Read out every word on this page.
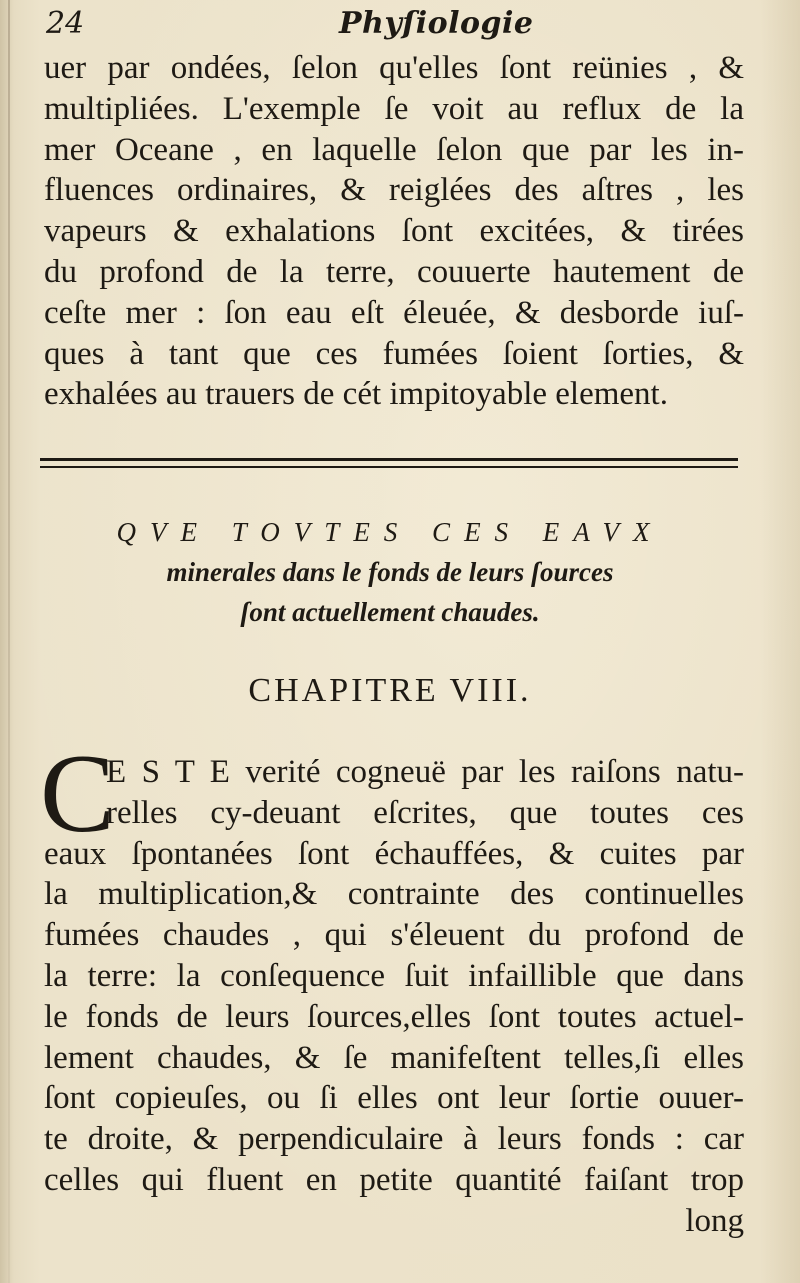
24	Phyſiologie
uer par ondées, ſelon qu'elles ſont reünies , &
multipliées. L'exemple ſe voit au reflux de la
mer Oceane , en laquelle ſelon que par les in-
fluences ordinaires, & reiglées des aſtres , les
vapeurs & exhalations ſont excitées, & tirées
du profond de la terre, couuerte hautement de
ceſte mer : ſon eau eſt éleuée, & desborde iuſ-
ques à tant que ces fumées ſoient ſorties, &
exhalées au trauers de cét impitoyable element.
QVE TOVTES CES EAVX
minerales dans le fonds de leurs ſources
ſont actuellement chaudes.
CHAPITRE VIII.
C
E S T E verité cogneuë par les raiſons natu-
relles cy-deuant eſcrites, que toutes ces
eaux ſpontanées ſont échauffées, & cuites par
la multiplication,& contrainte des continuelles
fumées chaudes , qui s'éleuent du profond de
la terre: la conſequence ſuit infaillible que dans
le fonds de leurs ſources,elles ſont toutes actuel-
lement chaudes, & ſe manifeſtent telles,ſi elles
ſont copieuſes, ou ſi elles ont leur ſortie ouuer-
te droite, & perpendiculaire à leurs fonds : car
celles qui fluent en petite quantité faiſant trop
long
